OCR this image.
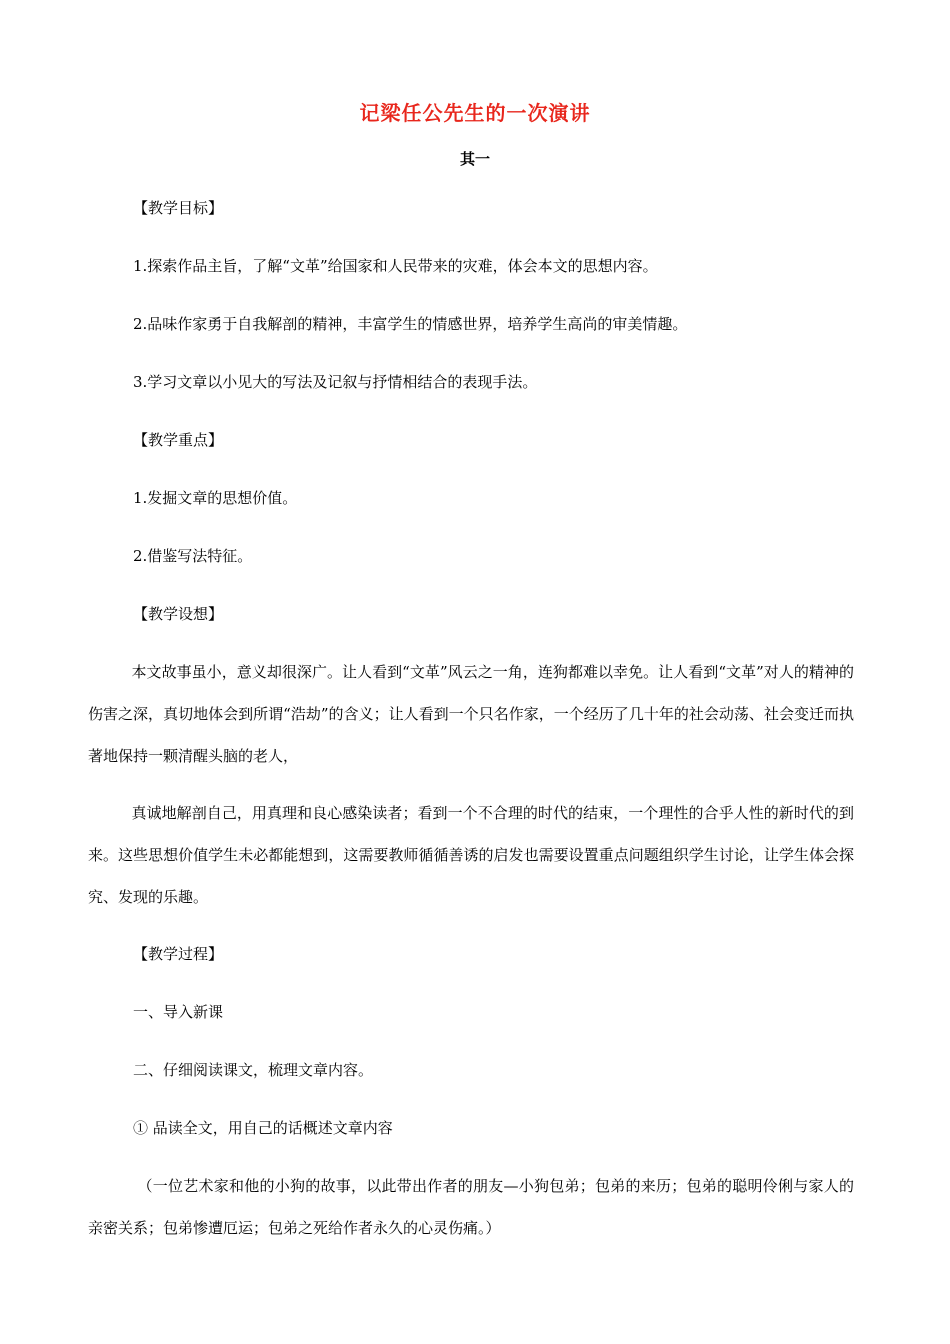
记梁任公先生的一次演讲
其一
【教学目标】
1.探索作品主旨，了解“文革”给国家和人民带来的灾难，体会本文的思想内容。
2.品味作家勇于自我解剖的精神，丰富学生的情感世界，培养学生高尚的审美情趣。
3.学习文章以小见大的写法及记叙与抒情相结合的表现手法。
【教学重点】
1.发掘文章的思想价值。
2.借鉴写法特征。
【教学设想】
本文故事虽小，意义却很深广。让人看到“文革”风云之一角，连狗都难以幸免。让人看到“文革”对人的精神的伤害之深，真切地体会到所谓“浩劫”的含义；让人看到一个只名作家，一个经历了几十年的社会动荡、社会变迁而执著地保持一颗清醒头脑的老人，
真诚地解剖自己，用真理和良心感染读者；看到一个不合理的时代的结束，一个理性的合乎人性的新时代的到来。这些思想价值学生未必都能想到，这需要教师循循善诱的启发也需要设置重点问题组织学生讨论，让学生体会探究、发现的乐趣。
【教学过程】
一、导入新课
二、仔细阅读课文，梳理文章内容。
① 品读全文，用自己的话概述文章内容
（一位艺术家和他的小狗的故事，以此带出作者的朋友—小狗包弟；包弟的来历；包弟的聪明伶俐与家人的亲密关系；包弟惨遭厄运；包弟之死给作者永久的心灵伤痛。）
